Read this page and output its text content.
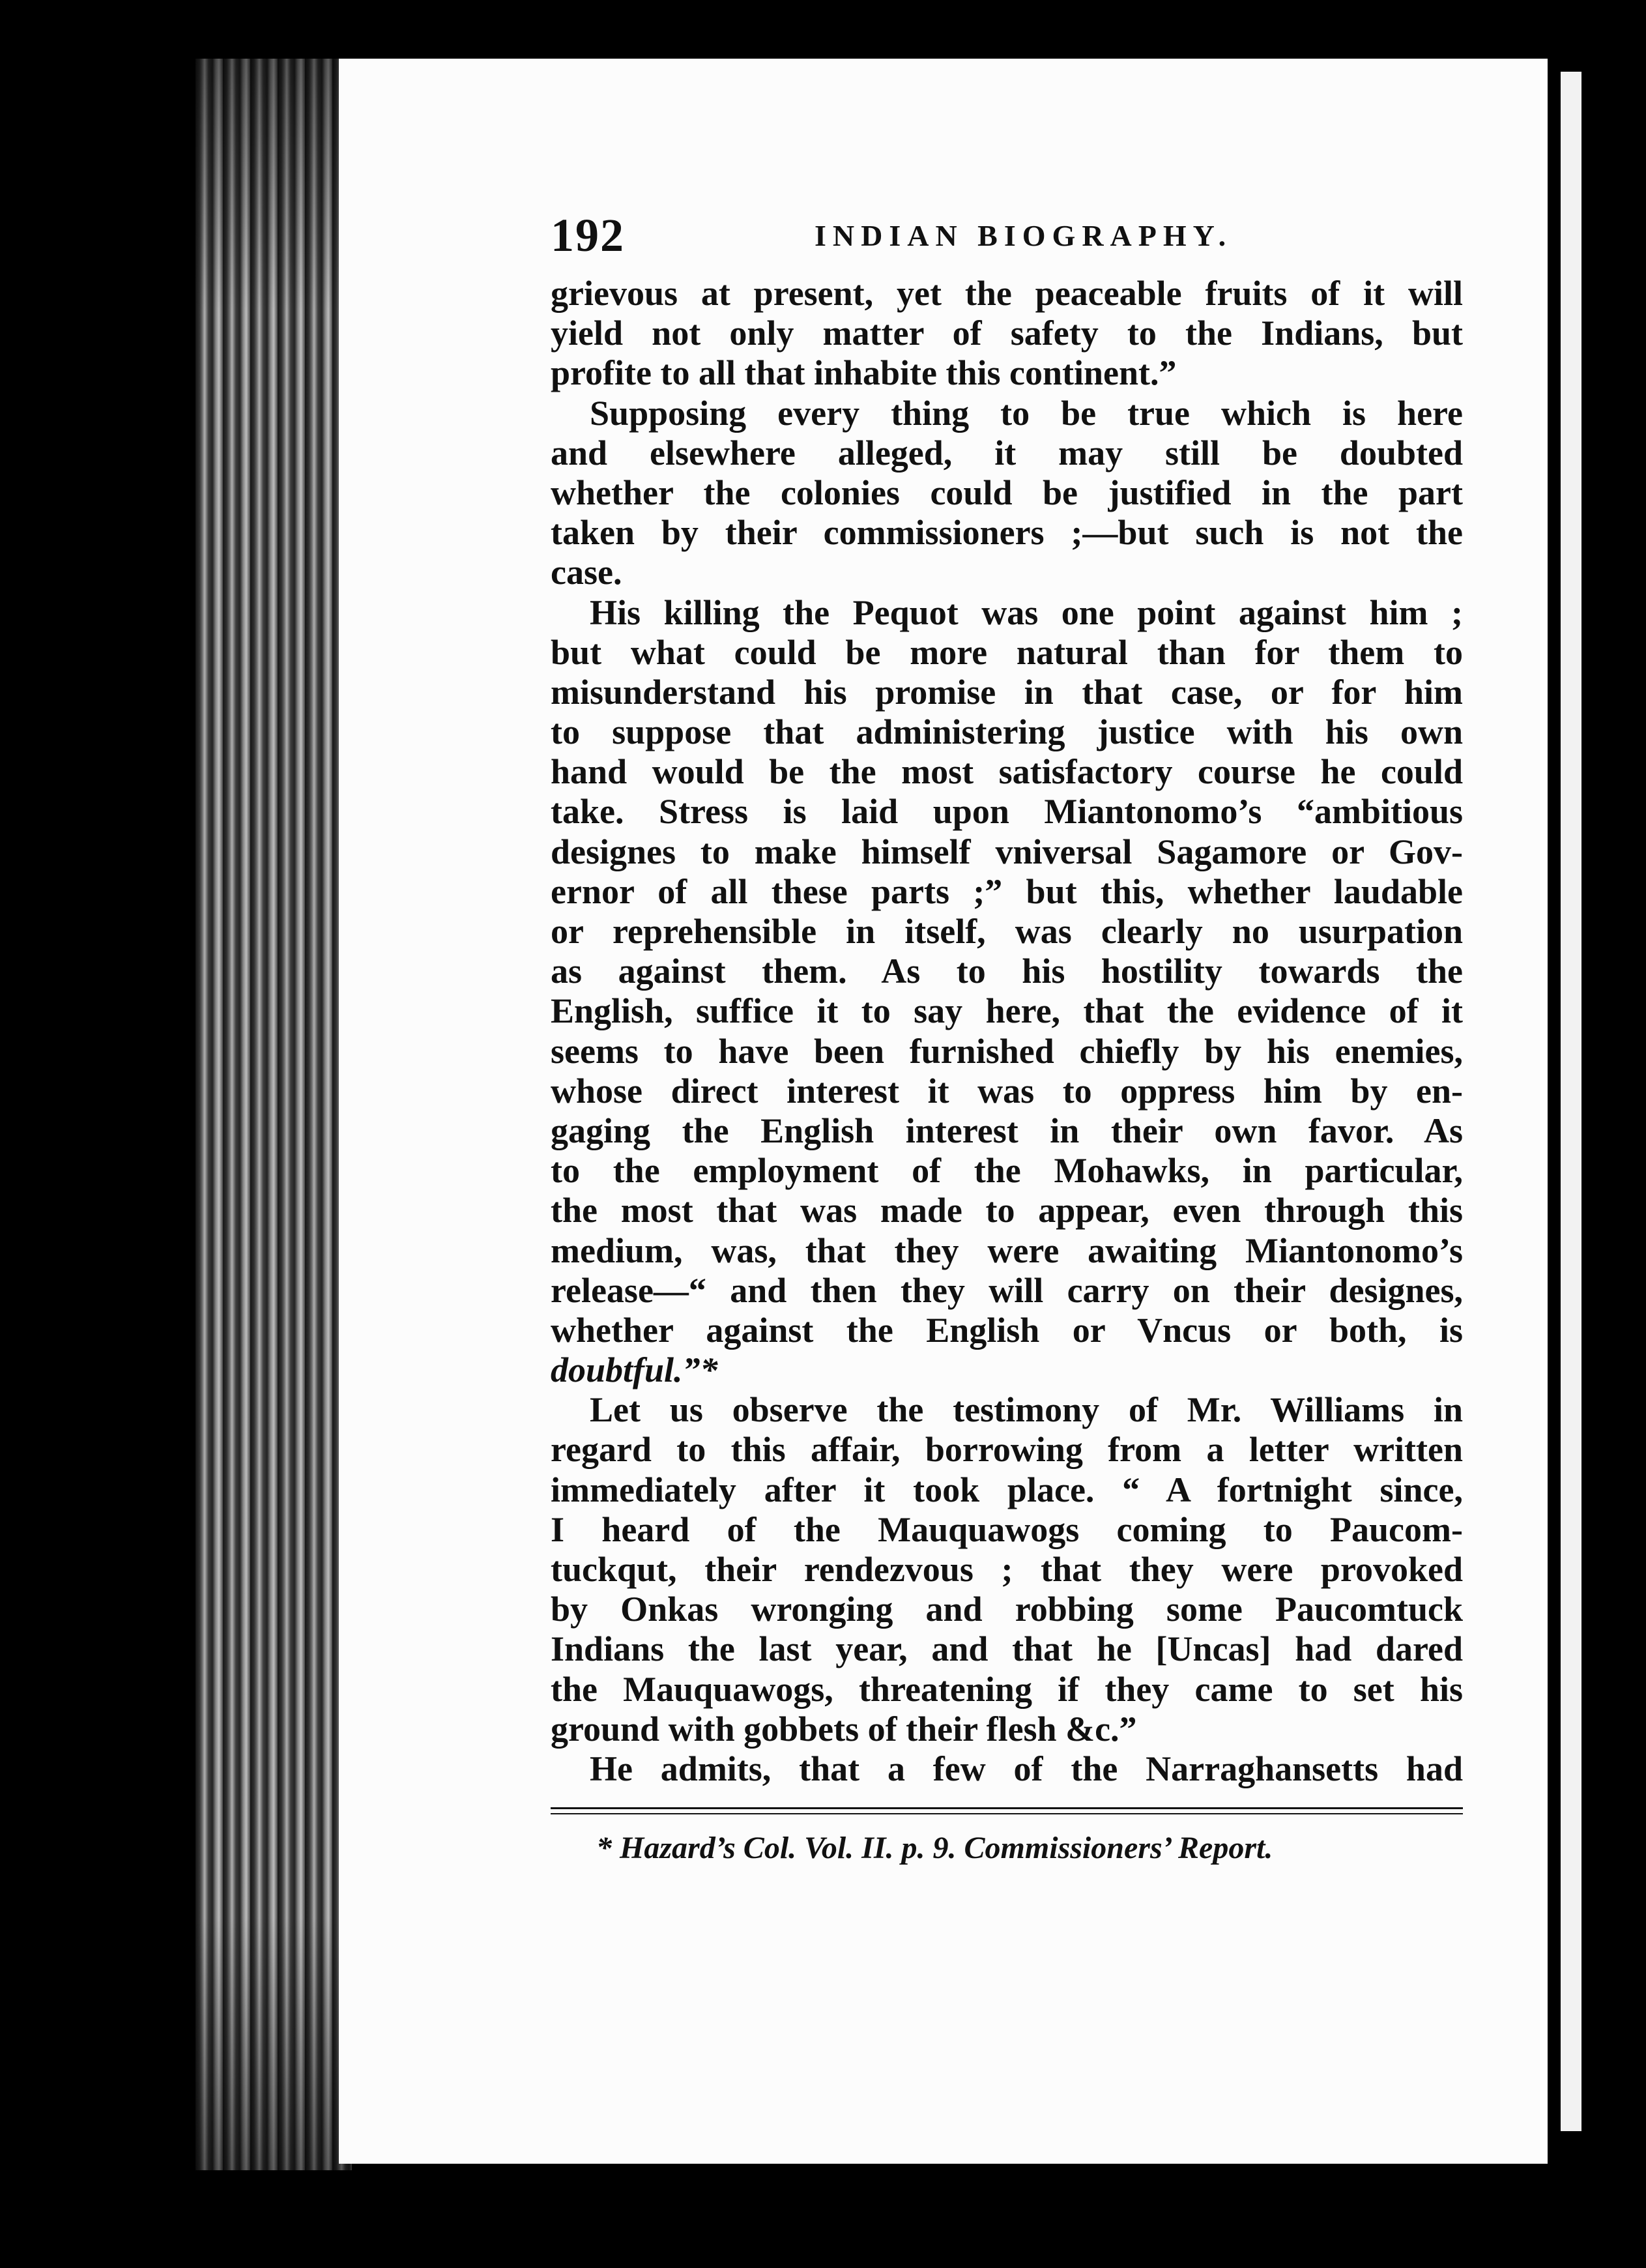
192	INDIAN BIOGRAPHY.
grievous at present, yet the peaceable fruits of it will
yield not only matter of safety to the Indians, but
profite to all that inhabite this continent.”
Supposing every thing to be true which is here
and elsewhere alleged, it may still be doubted
whether the colonies could be justified in the part
taken by their commissioners ;—but such is not the
case.
His killing the Pequot was one point against him ;
but what could be more natural than for them to
misunderstand his promise in that case, or for him
to suppose that administering justice with his own
hand would be the most satisfactory course he could
take. Stress is laid upon Miantonomo’s “ambitious
designes to make himself vniversal Sagamore or Gov-
ernor of all these parts ;” but this, whether laudable
or reprehensible in itself, was clearly no usurpation
as against them. As to his hostility towards the
English, suffice it to say here, that the evidence of it
seems to have been furnished chiefly by his enemies,
whose direct interest it was to oppress him by en-
gaging the English interest in their own favor. As
to the employment of the Mohawks, in particular,
the most that was made to appear, even through this
medium, was, that they were awaiting Miantonomo’s
release—“ and then they will carry on their designes,
whether against the English or Vncus or both, is
doubtful.”*
Let us observe the testimony of Mr. Williams in
regard to this affair, borrowing from a letter written
immediately after it took place. “ A fortnight since,
I heard of the Mauquawogs coming to Paucom-
tuckqut, their rendezvous ; that they were provoked
by Onkas wronging and robbing some Paucomtuck
Indians the last year, and that he [Uncas] had dared
the Mauquawogs, threatening if they came to set his
ground with gobbets of their flesh &c.”
He admits, that a few of the Narraghansetts had
* Hazard’s Col. Vol. II. p. 9. Commissioners’ Report.
